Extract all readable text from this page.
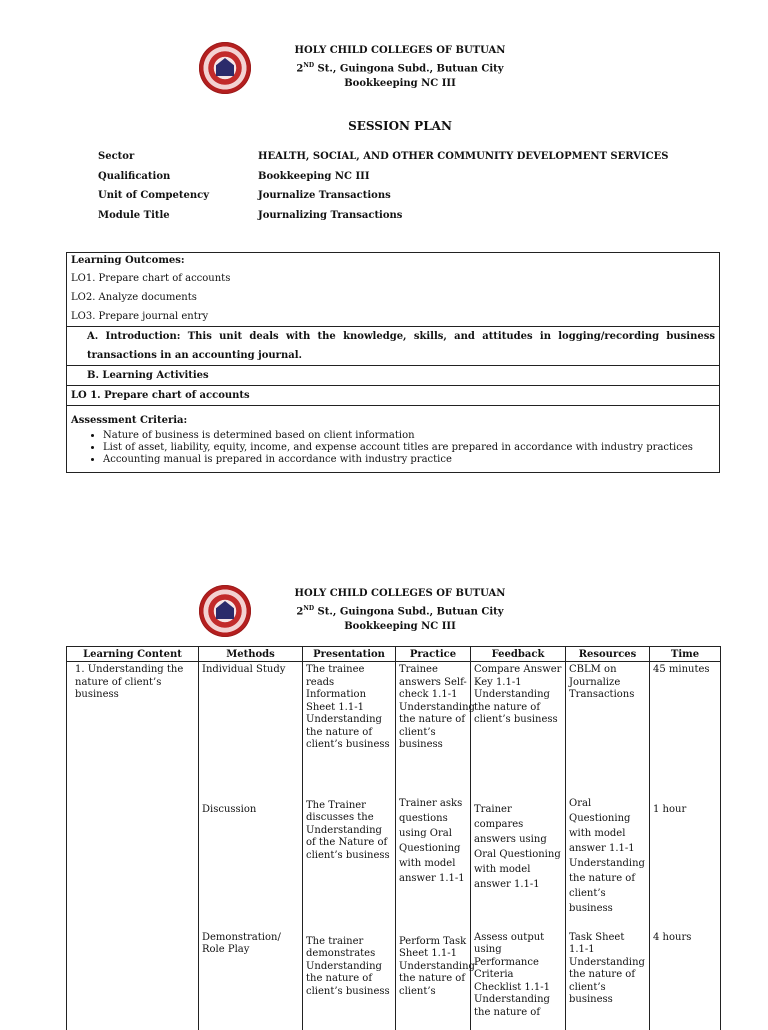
HOLY CHILD COLLEGES OF BUTUAN
2ND St., Guingona Subd., Butuan City
Bookkeeping NC III
SESSION PLAN
Sector	HEALTH, SOCIAL, AND OTHER COMMUNITY DEVELOPMENT SERVICES
Qualification	Bookkeeping NC III
Unit of Competency	Journalize Transactions
Module Title	Journalizing Transactions
Learning Outcomes:
LO1. Prepare chart of accounts
LO2. Analyze documents
LO3. Prepare journal entry
A. Introduction: This unit deals with the knowledge, skills, and attitudes in logging/recording business transactions in an accounting journal.
B. Learning Activities
LO 1. Prepare chart of accounts
Assessment Criteria:
• Nature of business is determined based on client information
• List of asset, liability, equity, income, and expense account titles are prepared in accordance with industry practices
• Accounting manual is prepared in accordance with industry practice
HOLY CHILD COLLEGES OF BUTUAN
2ND St., Guingona Subd., Butuan City
Bookkeeping NC III
Learning Content	Methods	Presentation	Practice	Feedback	Resources	Time
1. Understanding the nature of client’s business	Individual Study	The trainee reads Information Sheet 1.1-1 Understanding the nature of client’s business	Trainee answers Self-check 1.1-1 Understanding the nature of client’s business	Compare Answer Key 1.1-1 Understanding the nature of client’s business	CBLM on Journalize Transactions	45 minutes
	Discussion	The Trainer discusses the Understanding of the Nature of client’s business	Trainer asks questions using Oral Questioning with model answer 1.1-1	Trainer compares answers using Oral Questioning with model answer 1.1-1	Oral Questioning with model answer 1.1-1 Understanding the nature of client’s business	1 hour
	Demonstration/ Role Play	The trainer demonstrates Understanding the nature of client’s business	Perform Task Sheet 1.1-1 Understanding the nature of client’s	Assess output using Performance Criteria Checklist 1.1-1 Understanding the nature of	Task Sheet 1.1-1 Understanding the nature of client’s business	4 hours
